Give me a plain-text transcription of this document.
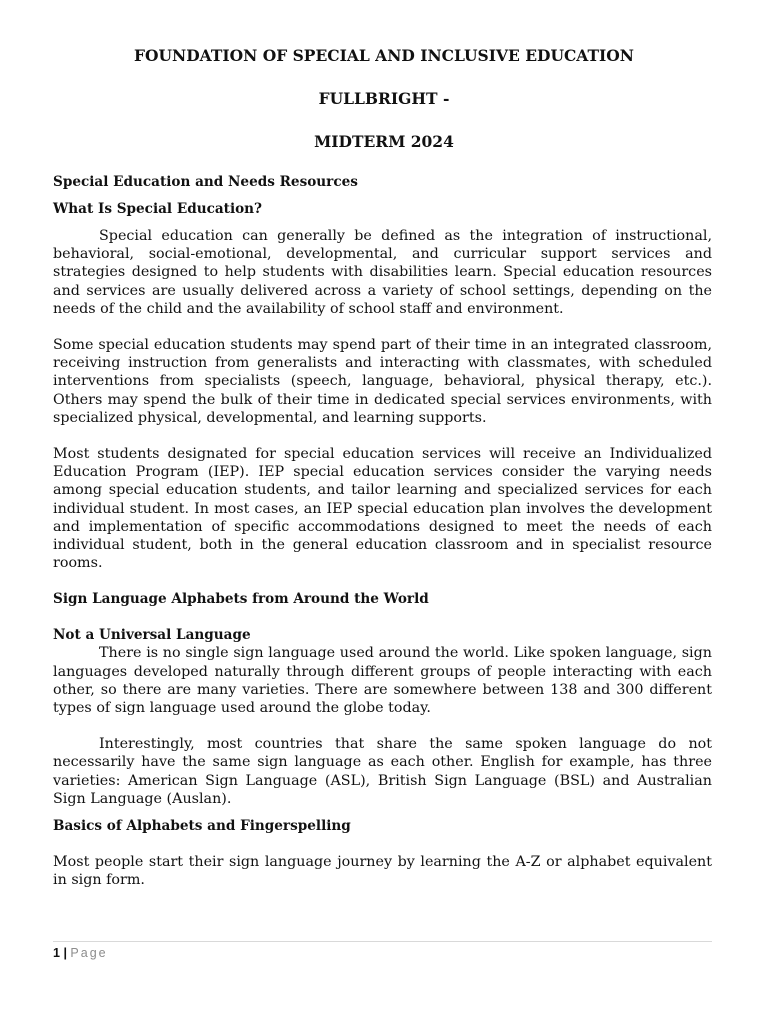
FOUNDATION OF SPECIAL AND INCLUSIVE EDUCATION
FULLBRIGHT -
MIDTERM 2024

Special Education and Needs Resources

What Is Special Education?

Special education can generally be defined as the integration of instructional, behavioral, social-emotional, developmental, and curricular support services and strategies designed to help students with disabilities learn. Special education resources and services are usually delivered across a variety of school settings, depending on the needs of the child and the availability of school staff and environment.

Some special education students may spend part of their time in an integrated classroom, receiving instruction from generalists and interacting with classmates, with scheduled interventions from specialists (speech, language, behavioral, physical therapy, etc.). Others may spend the bulk of their time in dedicated special services environments, with specialized physical, developmental, and learning supports.

Most students designated for special education services will receive an Individualized Education Program (IEP). IEP special education services consider the varying needs among special education students, and tailor learning and specialized services for each individual student. In most cases, an IEP special education plan involves the development and implementation of specific accommodations designed to meet the needs of each individual student, both in the general education classroom and in specialist resource rooms.

Sign Language Alphabets from Around the World

Not a Universal Language

There is no single sign language used around the world. Like spoken language, sign languages developed naturally through different groups of people interacting with each other, so there are many varieties. There are somewhere between 138 and 300 different types of sign language used around the globe today.

Interestingly, most countries that share the same spoken language do not necessarily have the same sign language as each other. English for example, has three varieties: American Sign Language (ASL), British Sign Language (BSL) and Australian Sign Language (Auslan).

Basics of Alphabets and Fingerspelling

Most people start their sign language journey by learning the A-Z or alphabet equivalent in sign form.

1 | Page
